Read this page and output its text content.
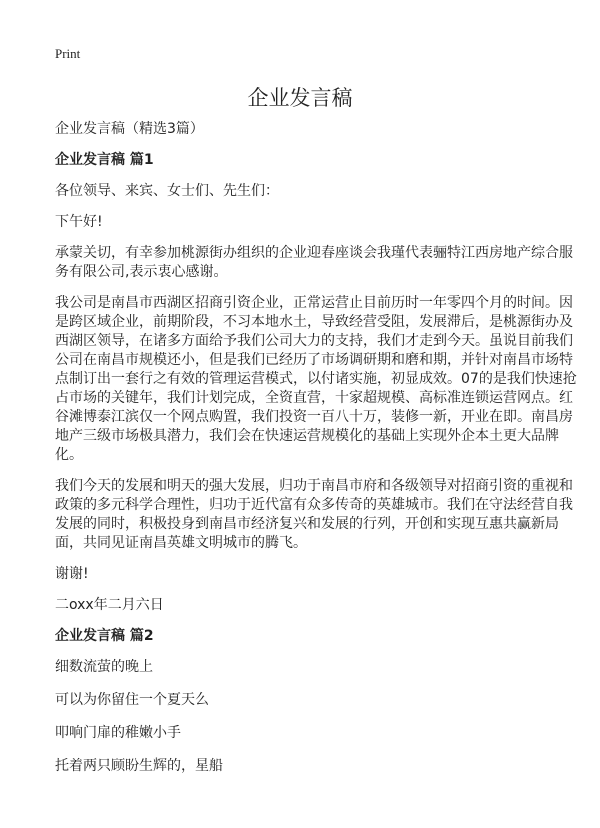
Print
企业发言稿

企业发言稿（精选3篇）

企业发言稿 篇1

各位领导、来宾、女士们、先生们：

下午好!

承蒙关切，有幸参加桃源街办组织的企业迎春座谈会我瑾代表骊特江西房地产综合服务有限公司,表示衷心感谢。

我公司是南昌市西湖区招商引资企业，正常运营止目前历时一年零四个月的时间。因是跨区域企业，前期阶段，不习本地水土，导致经营受阻，发展滞后，是桃源街办及西湖区领导，在诸多方面给予我们公司大力的支持，我们才走到今天。虽说目前我们公司在南昌市规模还小，但是我们已经历了市场调研期和磨和期，并针对南昌市场特点制订出一套行之有效的管理运营模式，以付诸实施，初显成效。07的是我们快速抢占市场的关键年，我们计划完成，全资直营，十家超规模、高标准连锁运营网点。红谷滩博泰江滨仅一个网点购置，我们投资一百八十万，装修一新，开业在即。南昌房地产三级市场极具潜力，我们会在快速运营规模化的基础上实现外企本土更大品牌化。

我们今天的发展和明天的强大发展，归功于南昌市府和各级领导对招商引资的重视和政策的多元科学合理性，归功于近代富有众多传奇的英雄城市。我们在守法经营自我发展的同时，积极投身到南昌市经济复兴和发展的行列，开创和实现互惠共赢新局面，共同见证南昌英雄文明城市的腾飞。

谢谢!

二oxx年二月六日

企业发言稿 篇2

细数流萤的晚上

可以为你留住一个夏天么

叩响门扉的稚嫩小手

托着两只顾盼生辉的，星船
